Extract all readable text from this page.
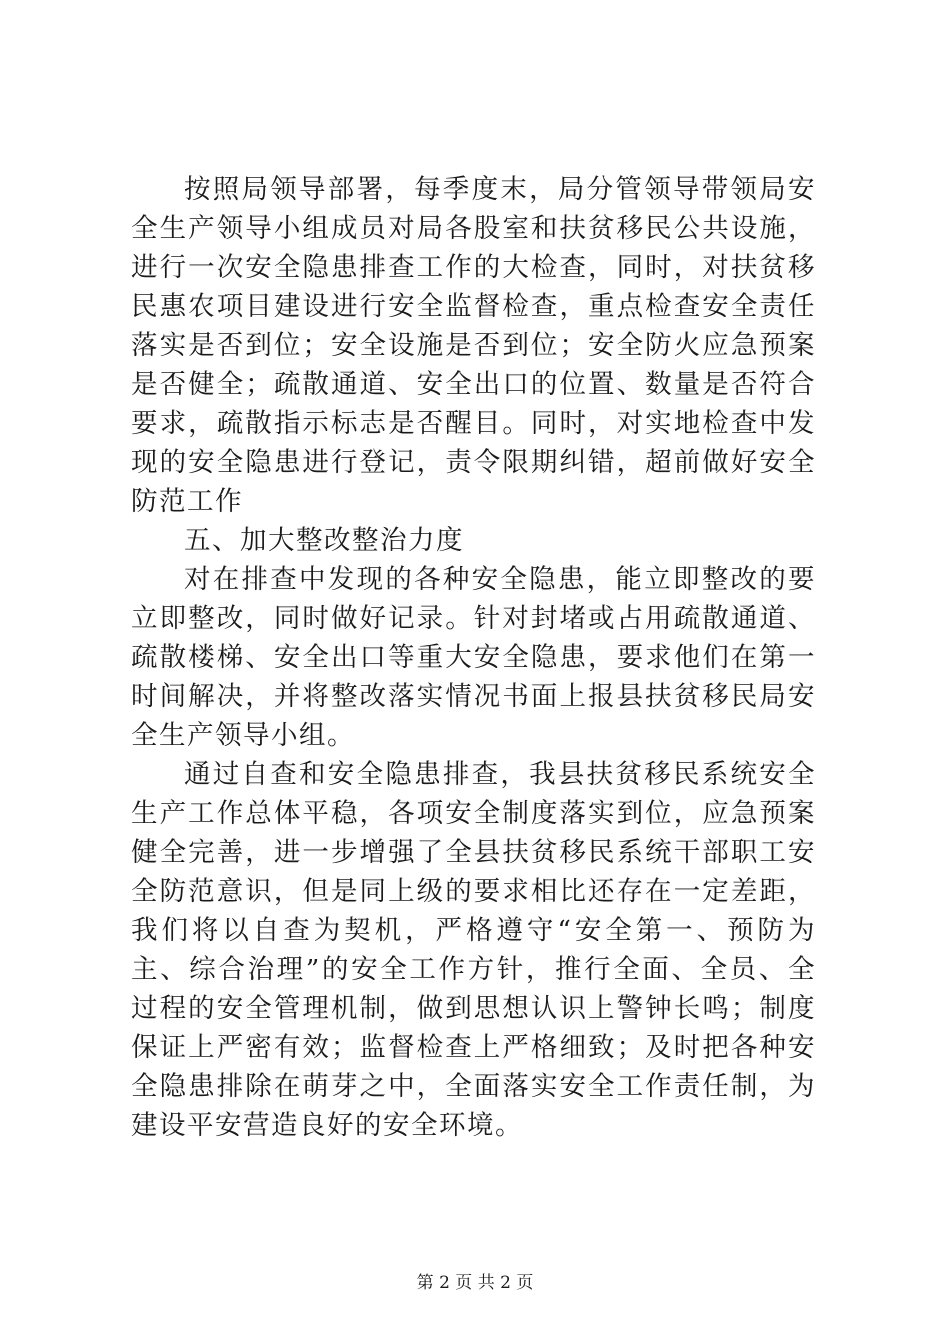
按照局领导部署，每季度末，局分管领导带领局安全生产领导小组成员对局各股室和扶贫移民公共设施，进行一次安全隐患排查工作的大检查，同时，对扶贫移民惠农项目建设进行安全监督检查，重点检查安全责任落实是否到位；安全设施是否到位；安全防火应急预案是否健全；疏散通道、安全出口的位置、数量是否符合要求，疏散指示标志是否醒目。同时，对实地检查中发现的安全隐患进行登记，责令限期纠错，超前做好安全防范工作

五、加大整改整治力度

对在排查中发现的各种安全隐患，能立即整改的要立即整改，同时做好记录。针对封堵或占用疏散通道、疏散楼梯、安全出口等重大安全隐患，要求他们在第一时间解决，并将整改落实情况书面上报县扶贫移民局安全生产领导小组。

通过自查和安全隐患排查，我县扶贫移民系统安全生产工作总体平稳，各项安全制度落实到位，应急预案健全完善，进一步增强了全县扶贫移民系统干部职工安全防范意识，但是同上级的要求相比还存在一定差距，我们将以自查为契机，严格遵守“安全第一、预防为主、综合治理”的安全工作方针，推行全面、全员、全过程的安全管理机制，做到思想认识上警钟长鸣；制度保证上严密有效；监督检查上严格细致；及时把各种安全隐患排除在萌芽之中，全面落实安全工作责任制，为建设平安营造良好的安全环境。

第 2 页 共 2 页
